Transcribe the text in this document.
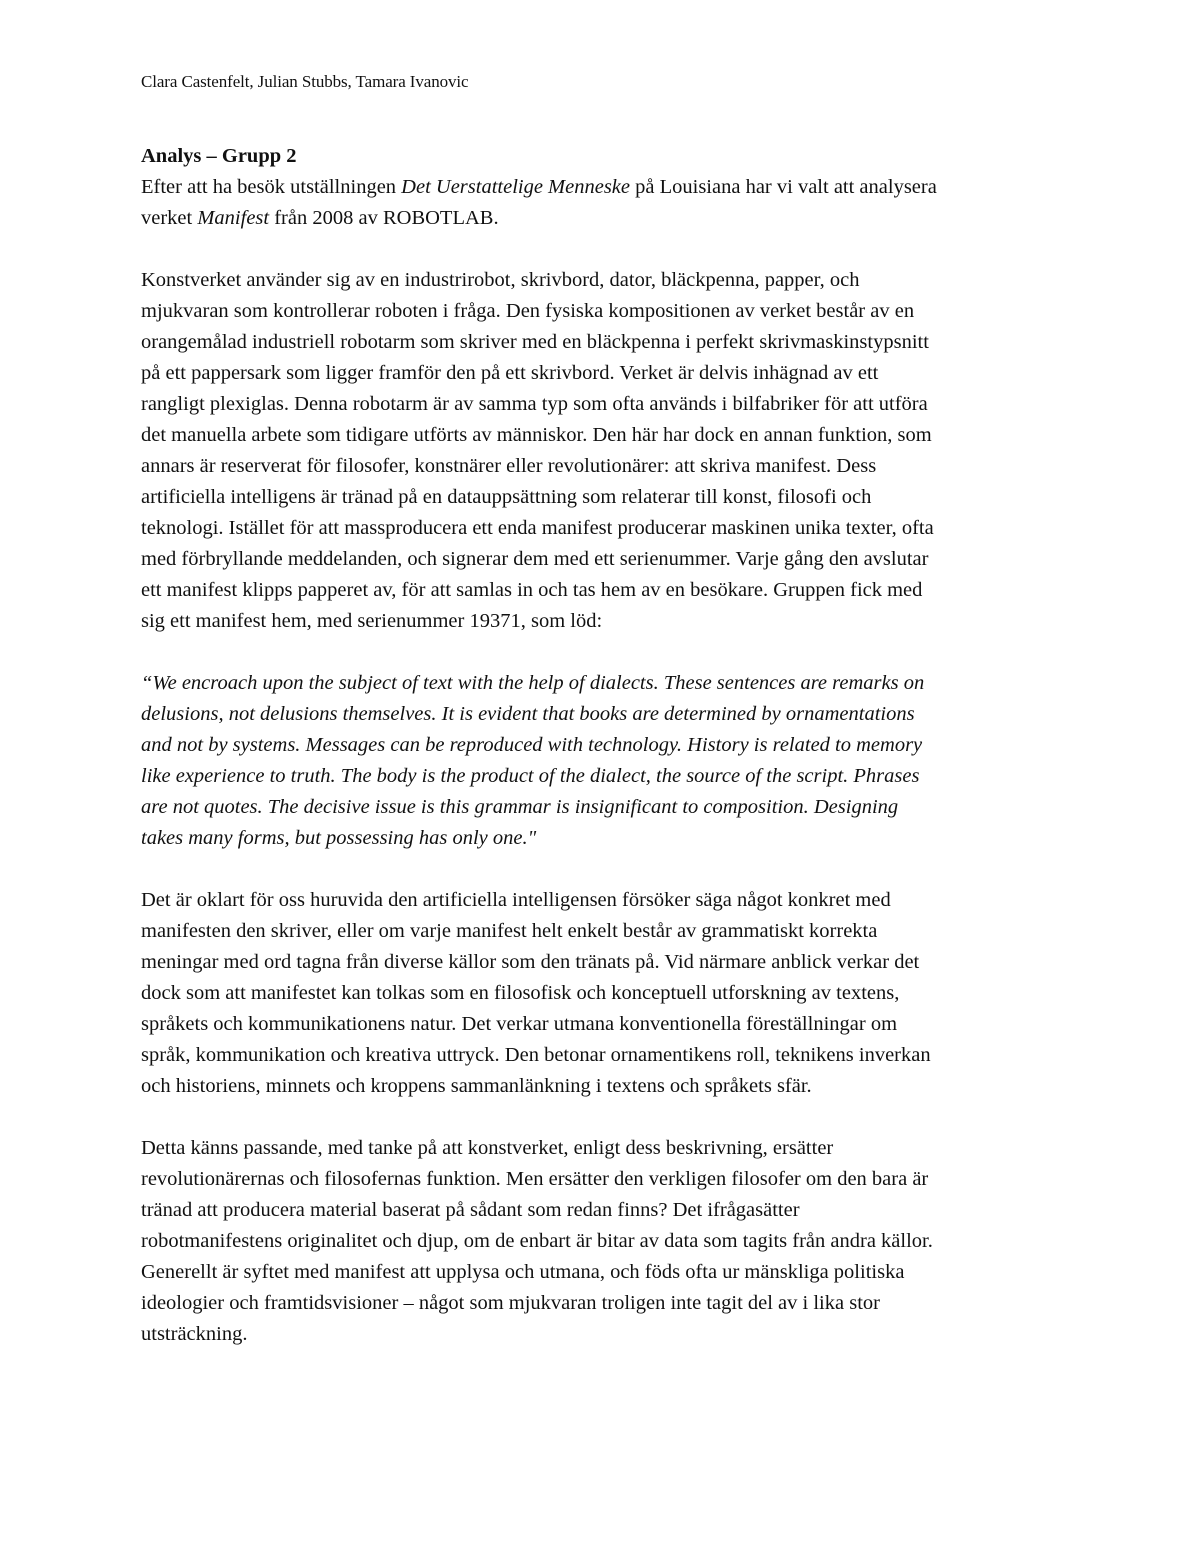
Clara Castenfelt, Julian Stubbs, Tamara Ivanovic

Analys – Grupp 2

Efter att ha besök utställningen Det Uerstattelige Menneske på Louisiana har vi valt att analysera
verket Manifest från 2008 av ROBOTLAB.

Konstverket använder sig av en industrirobot, skrivbord, dator, bläckpenna, papper, och
mjukvaran som kontrollerar roboten i fråga. Den fysiska kompositionen av verket består av en
orangemålad industriell robotarm som skriver med en bläckpenna i perfekt skrivmaskinstypsnitt
på ett pappersark som ligger framför den på ett skrivbord. Verket är delvis inhägnad av ett
rangligt plexiglas. Denna robotarm är av samma typ som ofta används i bilfabriker för att utföra
det manuella arbete som tidigare utförts av människor. Den här har dock en annan funktion, som
annars är reserverat för filosofer, konstnärer eller revolutionärer: att skriva manifest. Dess
artificiella intelligens är tränad på en datauppsättning som relaterar till konst, filosofi och
teknologi. Istället för att massproducera ett enda manifest producerar maskinen unika texter, ofta
med förbryllande meddelanden, och signerar dem med ett serienummer. Varje gång den avslutar
ett manifest klipps papperet av, för att samlas in och tas hem av en besökare. Gruppen fick med
sig ett manifest hem, med serienummer 19371, som löd:

“We encroach upon the subject of text with the help of dialects. These sentences are remarks on
delusions, not delusions themselves. It is evident that books are determined by ornamentations
and not by systems. Messages can be reproduced with technology. History is related to memory
like experience to truth. The body is the product of the dialect, the source of the script. Phrases
are not quotes. The decisive issue is this grammar is insignificant to composition. Designing
takes many forms, but possessing has only one."

Det är oklart för oss huruvida den artificiella intelligensen försöker säga något konkret med
manifesten den skriver, eller om varje manifest helt enkelt består av grammatiskt korrekta
meningar med ord tagna från diverse källor som den tränats på. Vid närmare anblick verkar det
dock som att manifestet kan tolkas som en filosofisk och konceptuell utforskning av textens,
språkets och kommunikationens natur. Det verkar utmana konventionella föreställningar om
språk, kommunikation och kreativa uttryck. Den betonar ornamentikens roll, teknikens inverkan
och historiens, minnets och kroppens sammanlänkning i textens och språkets sfär.

Detta känns passande, med tanke på att konstverket, enligt dess beskrivning, ersätter
revolutionärernas och filosofernas funktion. Men ersätter den verkligen filosofer om den bara är
tränad att producera material baserat på sådant som redan finns? Det ifrågasätter
robotmanifestens originalitet och djup, om de enbart är bitar av data som tagits från andra källor.
Generellt är syftet med manifest att upplysa och utmana, och föds ofta ur mänskliga politiska
ideologier och framtidsvisioner – något som mjukvaran troligen inte tagit del av i lika stor
utsträckning.
